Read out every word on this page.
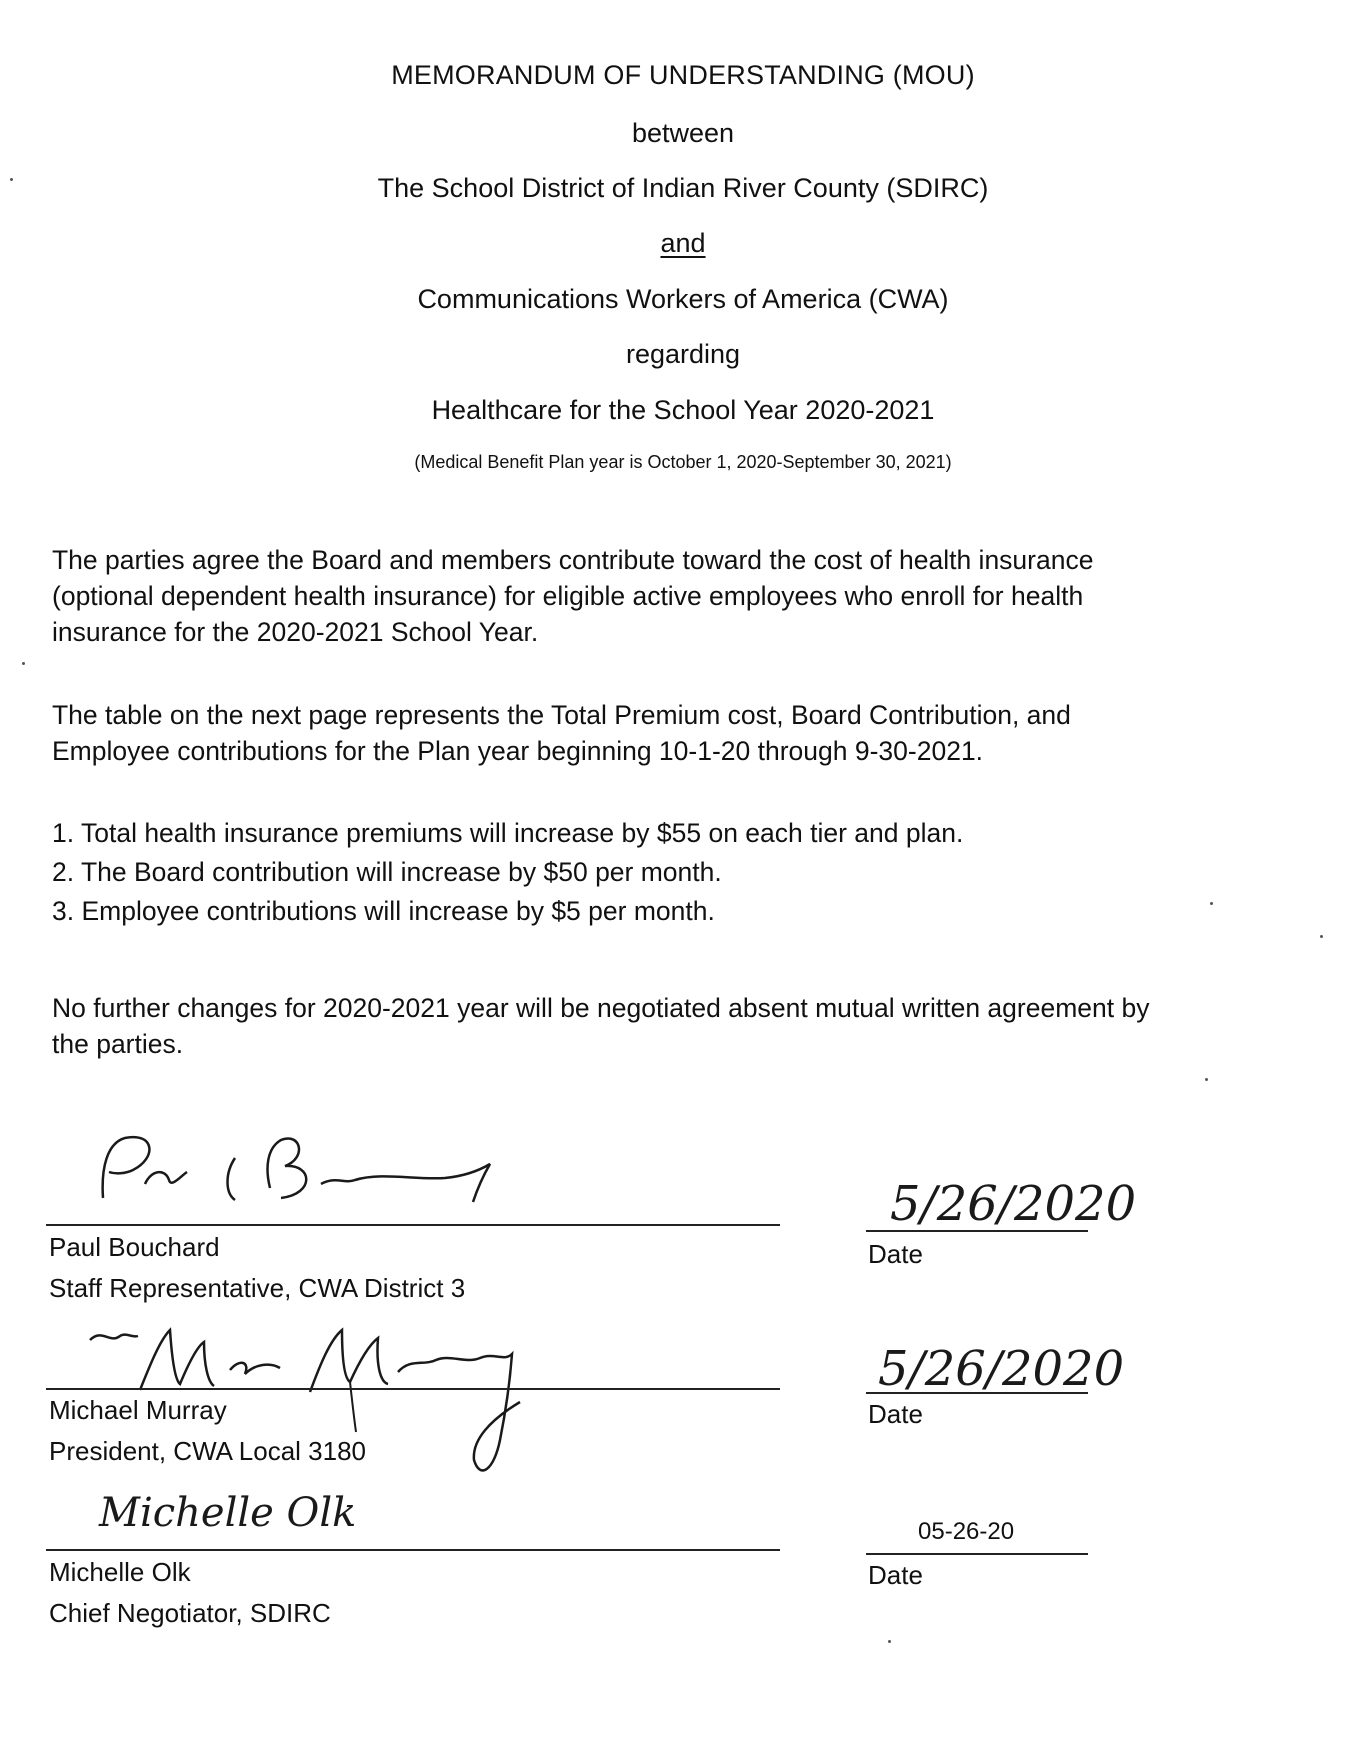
MEMORANDUM OF UNDERSTANDING (MOU)
between
The School District of Indian River County (SDIRC)
and
Communications Workers of America (CWA)
regarding
Healthcare for the School Year 2020-2021
(Medical Benefit Plan year is October 1, 2020-September 30, 2021)
The parties agree the Board and members contribute toward the cost of health insurance
(optional dependent health insurance) for eligible active employees who enroll for health
insurance for the 2020-2021 School Year.
The table on the next page represents the Total Premium cost, Board Contribution, and
Employee contributions for the Plan year beginning 10-1-20 through 9-30-2021.
1. Total health insurance premiums will increase by $55 on each tier and plan.
2. The Board contribution will increase by $50 per month.
3. Employee contributions will increase by $5 per month.
No further changes for 2020-2021 year will be negotiated absent mutual written agreement by
the parties.
Paul Bouchard
Staff Representative, CWA District 3
5/26/2020
Date
Michael Murray
President, CWA Local 3180
5/26/2020
Date
Michelle Olk
Michelle Olk
Chief Negotiator, SDIRC
05-26-20
Date
